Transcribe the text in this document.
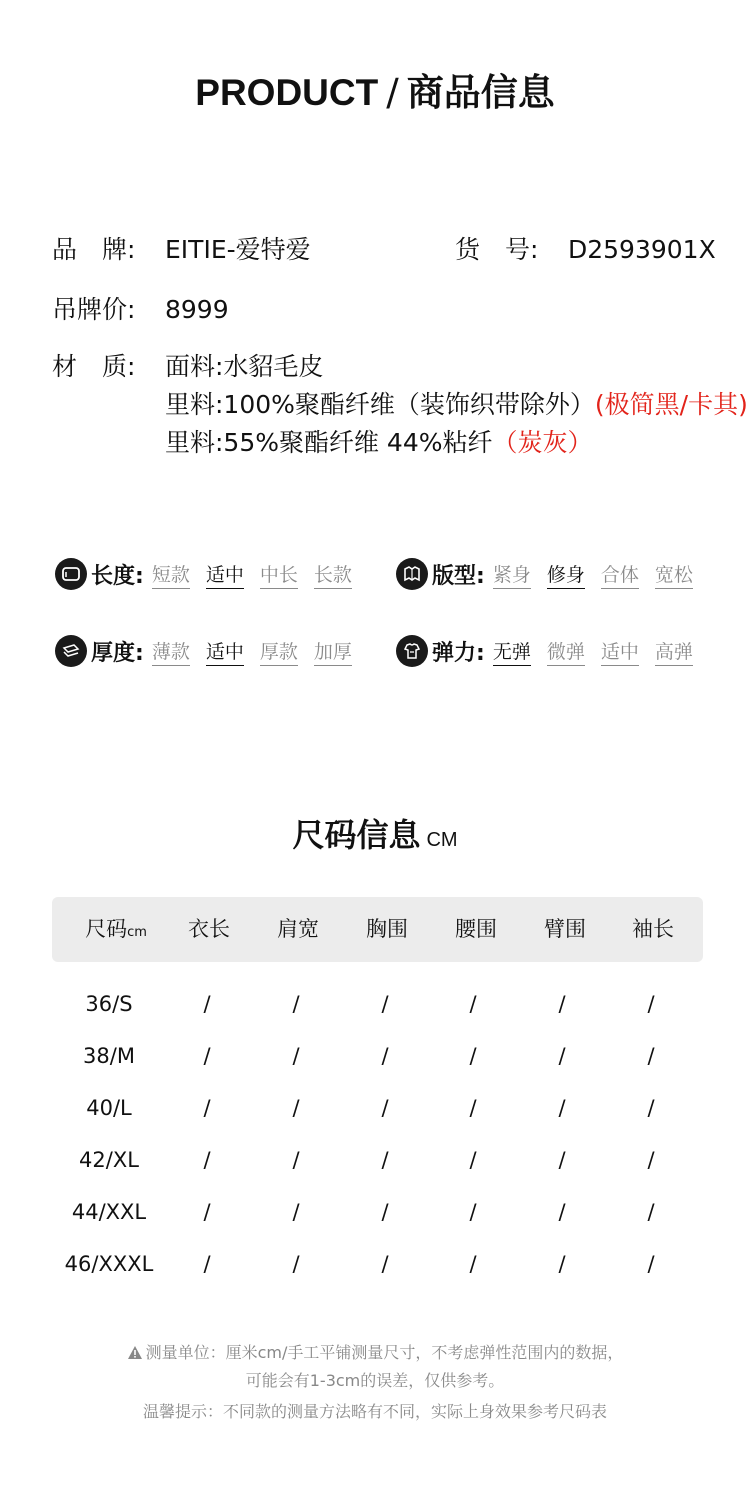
PRODUCT / 商品信息
品　牌: EITIE-爱特爱	货　号: D2593901X
吊牌价: 8999
材　质: 面料:水貂毛皮
里料:100%聚酯纤维（装饰织带除外）(极简黑/卡其)
里料:55%聚酯纤维 44%粘纤（炭灰）
长度: 短款 适中 中长 长款	版型: 紧身 修身 合体 宽松
厚度: 薄款 适中 厚款 加厚	弹力: 无弹 微弹 适中 高弹
尺码信息 CM
尺码cm	衣长	肩宽	胸围	腰围	臂围	袖长
36/S	/	/	/	/	/	/
38/M	/	/	/	/	/	/
40/L	/	/	/	/	/	/
42/XL	/	/	/	/	/	/
44/XXL	/	/	/	/	/	/
46/XXXL	/	/	/	/	/	/
测量单位：厘米cm/手工平铺测量尺寸，不考虑弹性范围内的数据，
可能会有1-3cm的误差，仅供参考。
温馨提示：不同款的测量方法略有不同，实际上身效果参考尺码表
